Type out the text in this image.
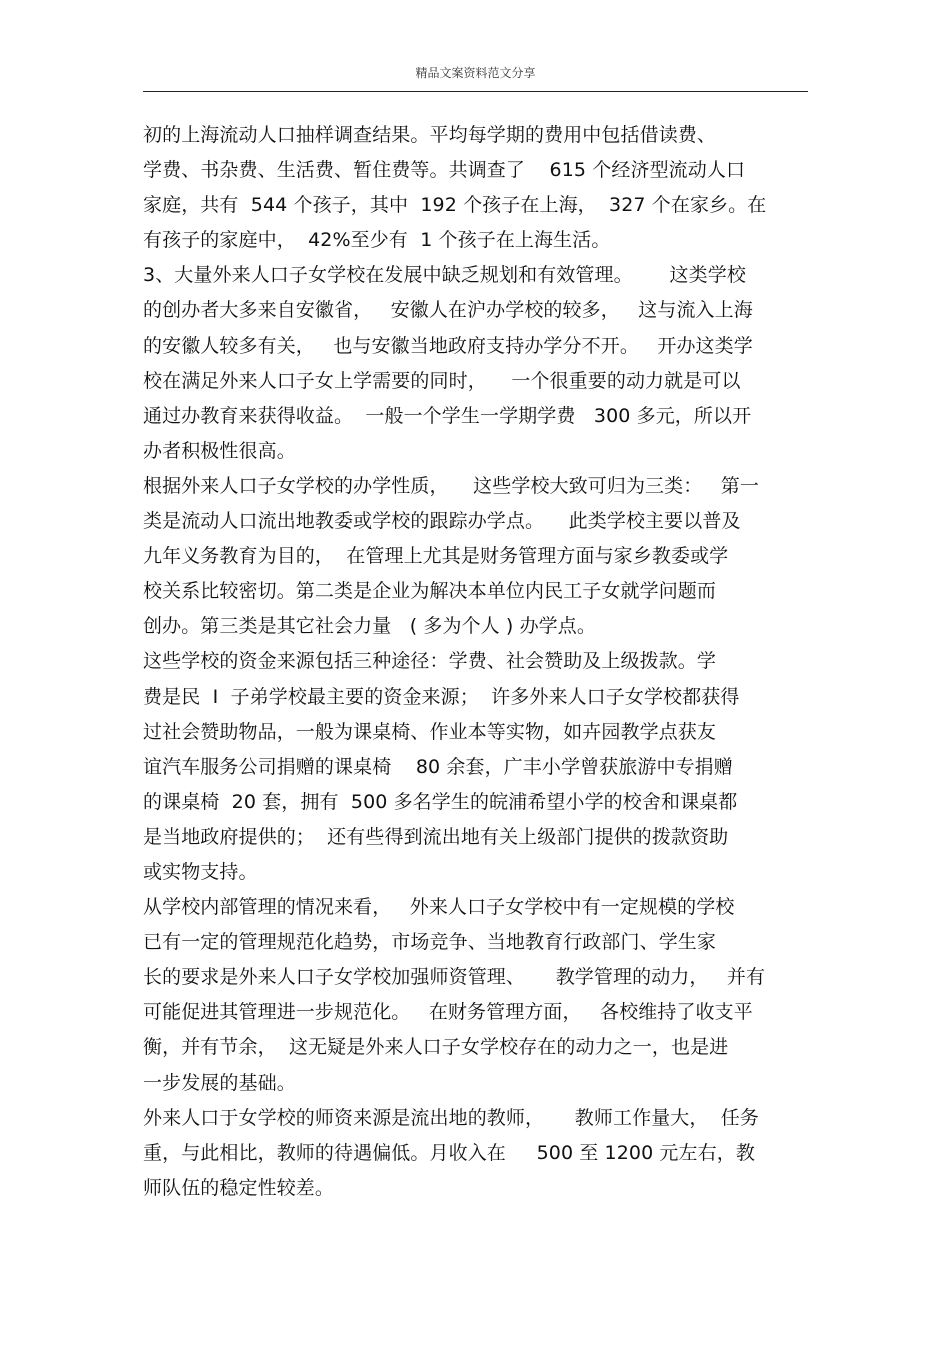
精品文案资料范文分享
初的上海流动人口抽样调查结果。平均每学期的费用中包括借读费、
学费、书杂费、生活费、暂住费等。共调查了    615 个经济型流动人口
家庭，共有  544 个孩子，其中  192 个孩子在上海，  327 个在家乡。在
有孩子的家庭中，  42%至少有  1 个孩子在上海生活。
3、大量外来人口子女学校在发展中缺乏规划和有效管理。      这类学校
的创办者大多来自安徽省，   安徽人在沪办学校的较多，   这与流入上海
的安徽人较多有关，   也与安徽当地政府支持办学分不开。   开办这类学
校在满足外来人口子女上学需要的同时，    一个很重要的动力就是可以
通过办教育来获得收益。  一般一个学生一学期学费   300 多元，所以开
办者积极性很高。
根据外来人口子女学校的办学性质，    这些学校大致可归为三类：   第一
类是流动人口流出地教委或学校的跟踪办学点。    此类学校主要以普及
九年义务教育为目的，  在管理上尤其是财务管理方面与家乡教委或学
校关系比较密切。第二类是企业为解决本单位内民工子女就学问题而
创办。第三类是其它社会力量   ( 多为个人 ) 办学点。
这些学校的资金来源包括三种途径：学费、社会赞助及上级拨款。学
费是民  I  子弟学校最主要的资金来源；  许多外来人口子女学校都获得
过社会赞助物品，一般为课桌椅、作业本等实物，如卉园教学点获友
谊汽车服务公司捐赠的课桌椅    80 余套，广丰小学曾获旅游中专捐赠
的课桌椅  20 套，拥有  500 多名学生的皖浦希望小学的校舍和课桌都
是当地政府提供的；  还有些得到流出地有关上级部门提供的拨款资助
或实物支持。
从学校内部管理的情况来看，   外来人口子女学校中有一定规模的学校
已有一定的管理规范化趋势，市场竞争、当地教育行政部门、学生家
长的要求是外来人口子女学校加强师资管理、     教学管理的动力，   并有
可能促进其管理进一步规范化。   在财务管理方面，   各校维持了收支平
衡，并有节余，  这无疑是外来人口子女学校存在的动力之一，也是进
一步发展的基础。
外来人口于女学校的师资来源是流出地的教师，     教师工作量大，  任务
重，与此相比，教师的待遇偏低。月收入在     500 至 1200 元左右，教
师队伍的稳定性较差。
